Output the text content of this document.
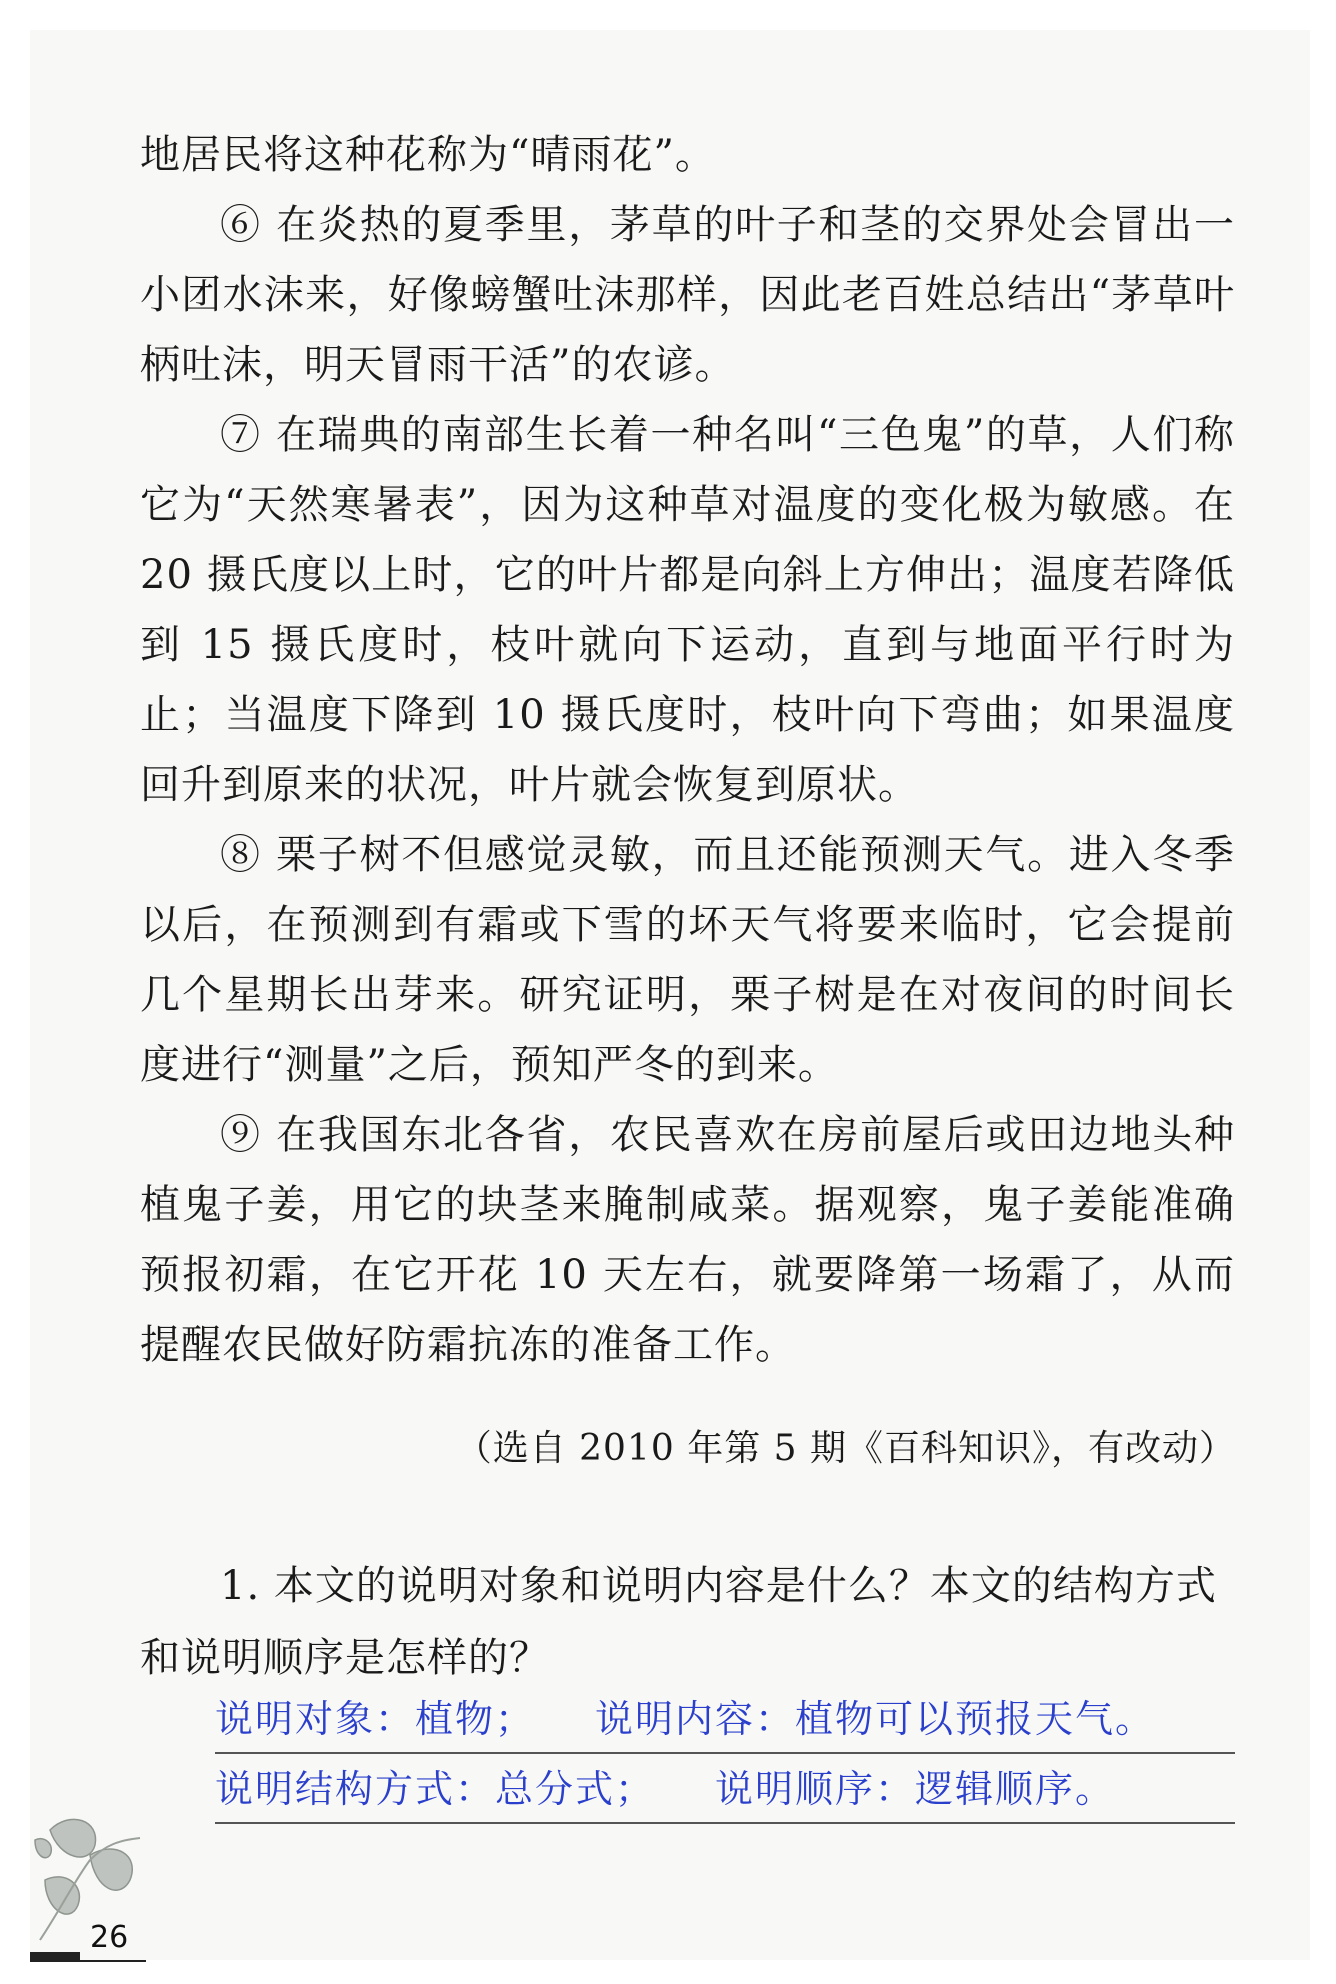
地居民将这种花称为“晴雨花”。

⑥ 在炎热的夏季里，茅草的叶子和茎的交界处会冒出一小团水沫来，好像螃蟹吐沫那样，因此老百姓总结出“茅草叶柄吐沫，明天冒雨干活”的农谚。

⑦ 在瑞典的南部生长着一种名叫“三色鬼”的草，人们称它为“天然寒暑表”，因为这种草对温度的变化极为敏感。在 20 摄氏度以上时，它的叶片都是向斜上方伸出；温度若降低到 15 摄氏度时，枝叶就向下运动，直到与地面平行时为止；当温度下降到 10 摄氏度时，枝叶向下弯曲；如果温度回升到原来的状况，叶片就会恢复到原状。

⑧ 栗子树不但感觉灵敏，而且还能预测天气。进入冬季以后，在预测到有霜或下雪的坏天气将要来临时，它会提前几个星期长出芽来。研究证明，栗子树是在对夜间的时间长度进行“测量”之后，预知严冬的到来。

⑨ 在我国东北各省，农民喜欢在房前屋后或田边地头种植鬼子姜，用它的块茎来腌制咸菜。据观察，鬼子姜能准确预报初霜，在它开花 10 天左右，就要降第一场霜了，从而提醒农民做好防霜抗冻的准备工作。

（选自 2010 年第 5 期《百科知识》，有改动）

1. 本文的说明对象和说明内容是什么？本文的结构方式和说明顺序是怎样的？

说明对象：植物； 说明内容：植物可以预报天气。
说明结构方式：总分式； 说明顺序：逻辑顺序。
26
